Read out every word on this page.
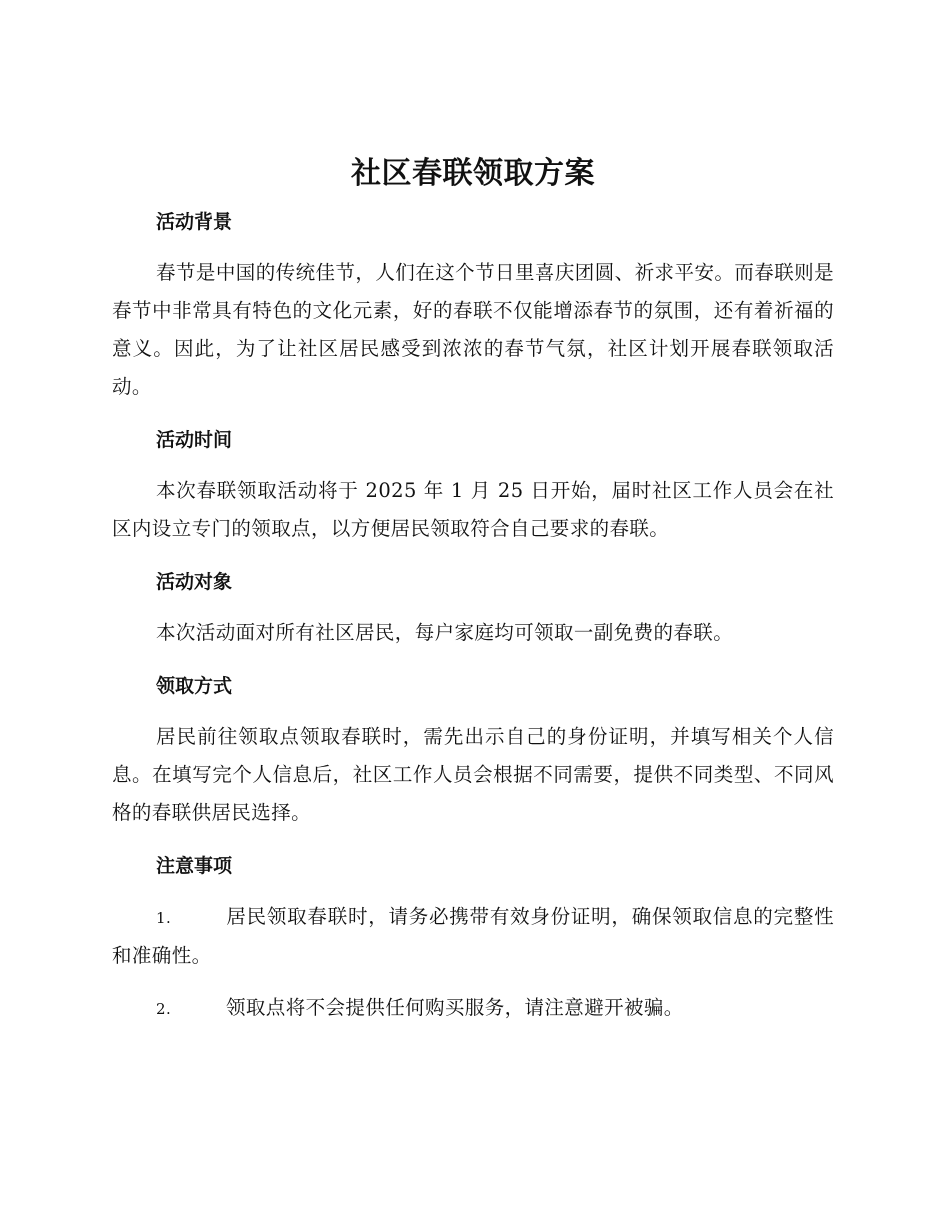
社区春联领取方案
活动背景

春节是中国的传统佳节，人们在这个节日里喜庆团圆、祈求平安。而春联则是春节中非常具有特色的文化元素，好的春联不仅能增添春节的氛围，还有着祈福的意义。因此，为了让社区居民感受到浓浓的春节气氛，社区计划开展春联领取活动。

活动时间

本次春联领取活动将于 2025 年 1 月 25 日开始，届时社区工作人员会在社区内设立专门的领取点，以方便居民领取符合自己要求的春联。

活动对象

本次活动面对所有社区居民，每户家庭均可领取一副免费的春联。

领取方式

居民前往领取点领取春联时，需先出示自己的身份证明，并填写相关个人信息。在填写完个人信息后，社区工作人员会根据不同需要，提供不同类型、不同风格的春联供居民选择。

注意事项

1.	居民领取春联时，请务必携带有效身份证明，确保领取信息的完整性和准确性。

2.	领取点将不会提供任何购买服务，请注意避开被骗。
